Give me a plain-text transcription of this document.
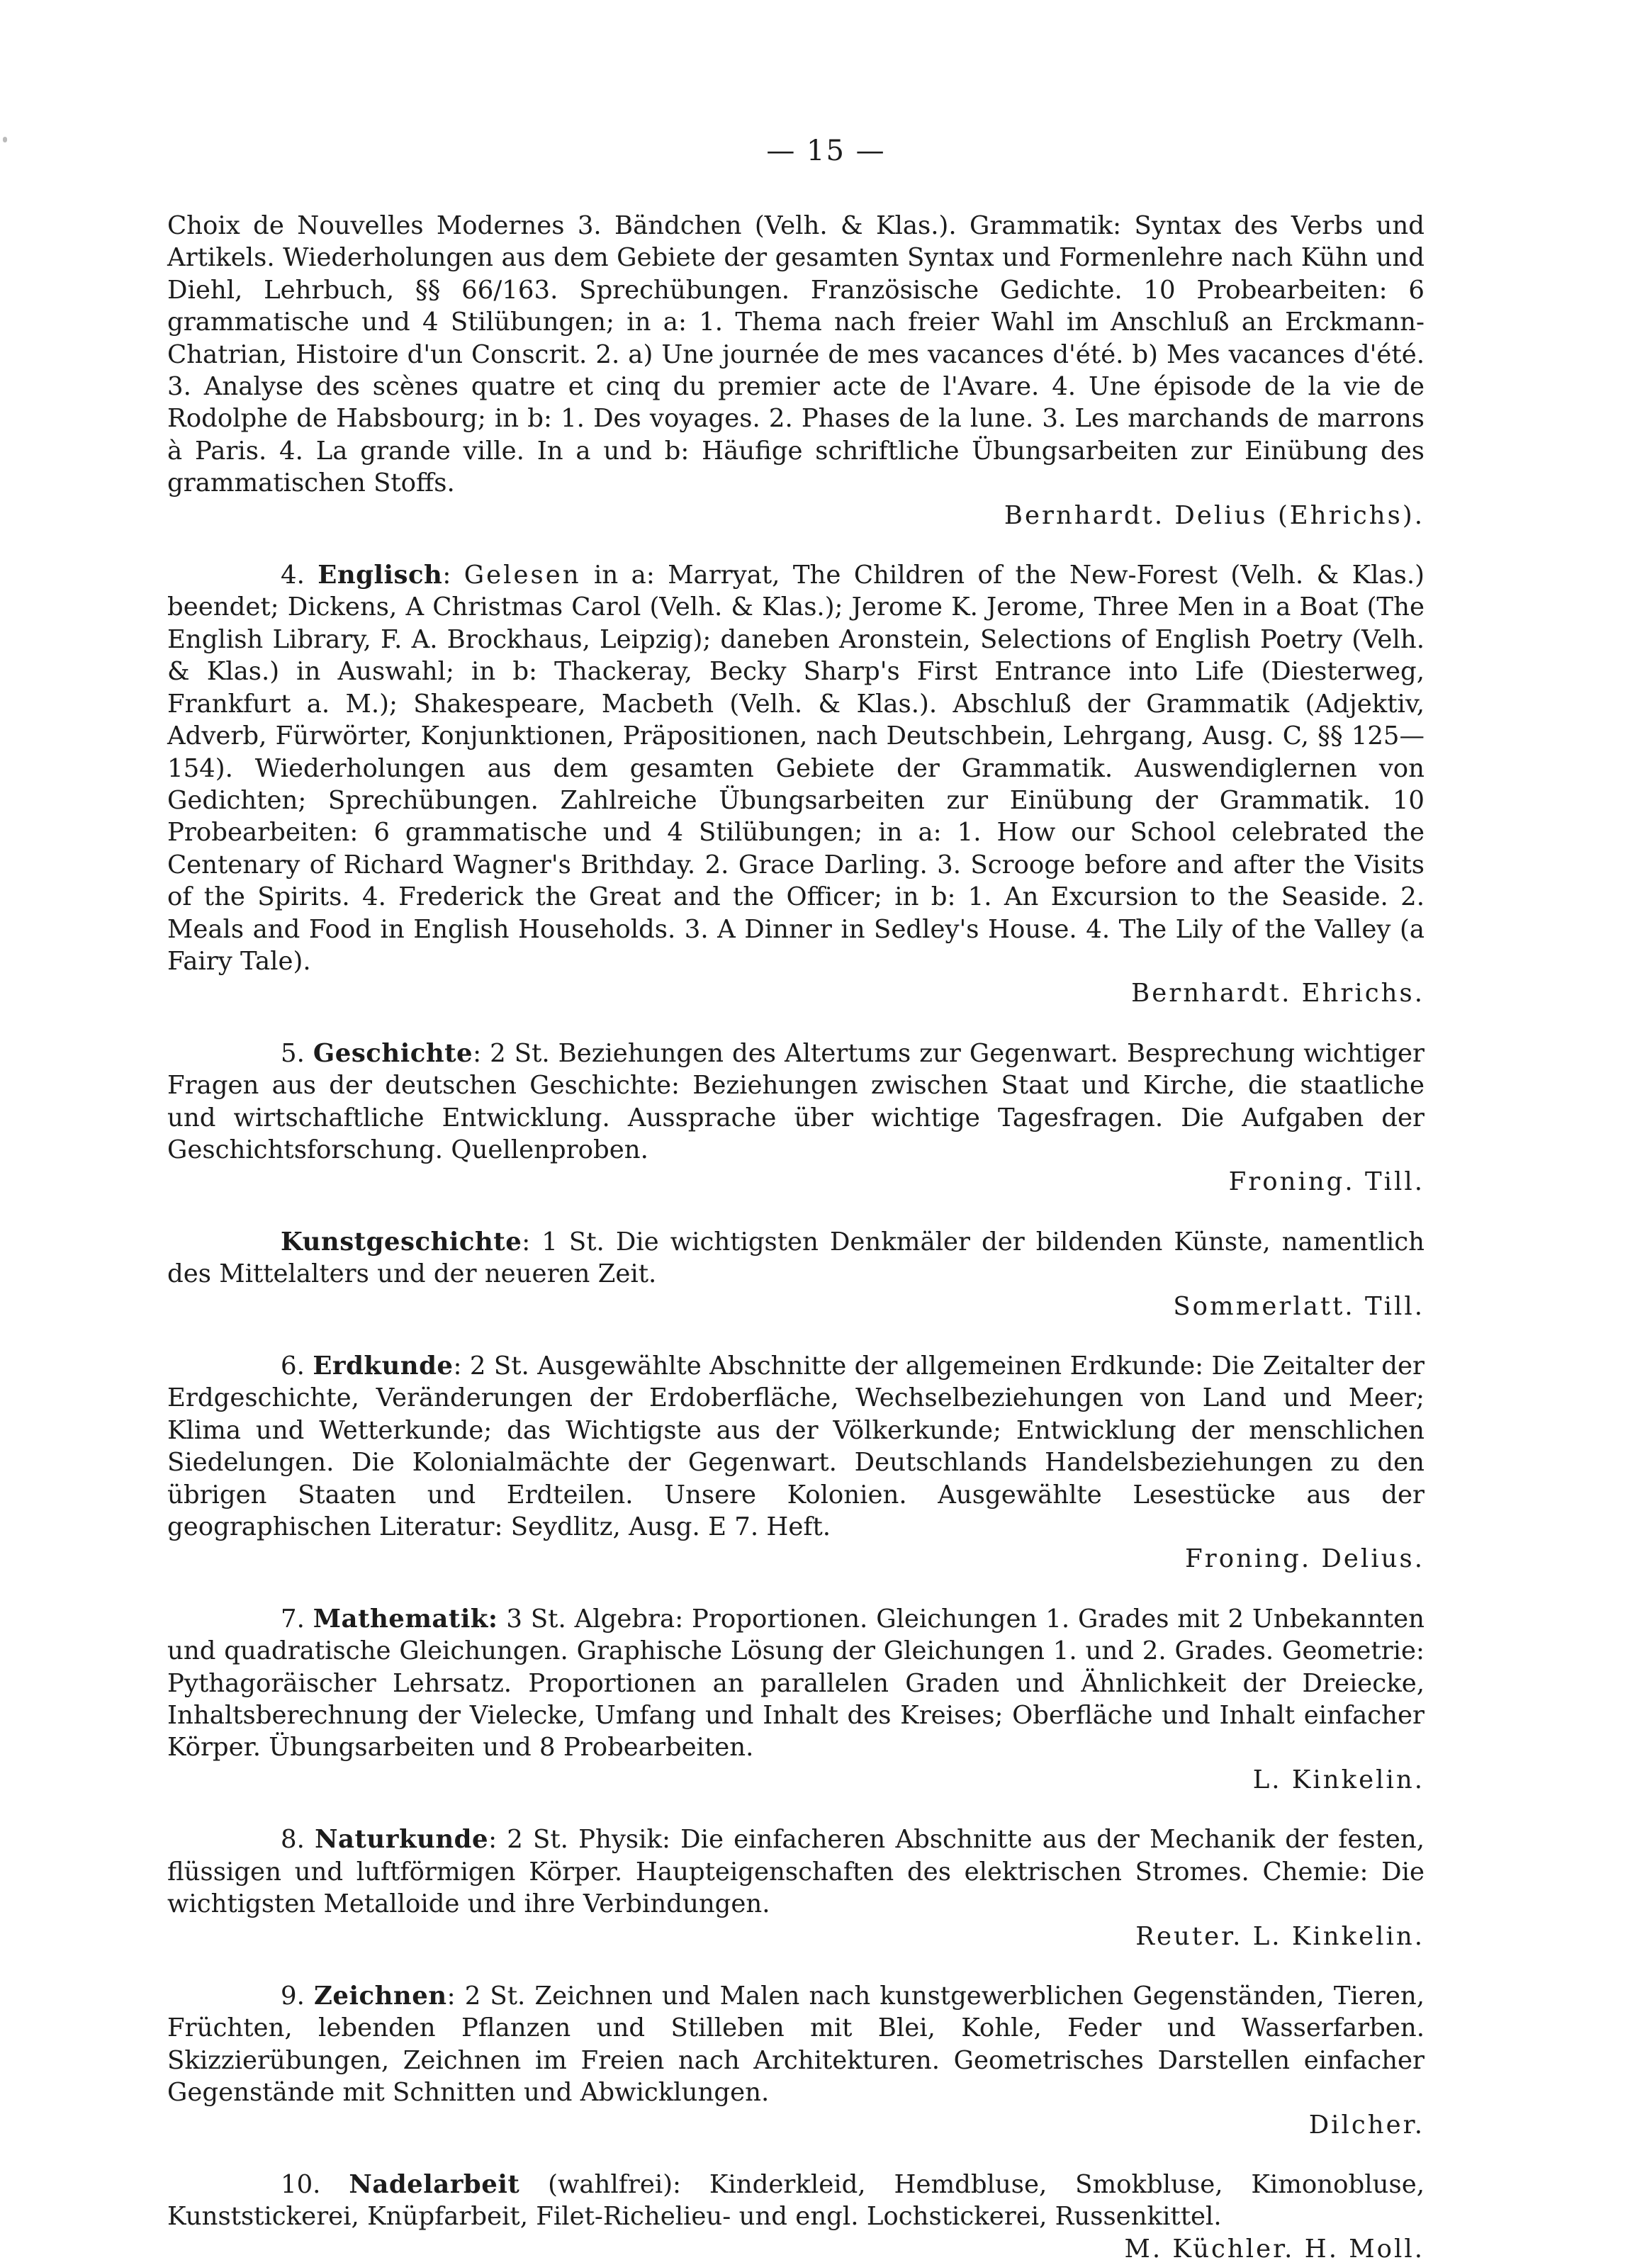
— 15 —

Choix de Nouvelles Modernes 3. Bändchen (Velh. & Klas.). Grammatik: Syntax des Verbs und Artikels. Wiederholungen aus dem Gebiete der gesamten Syntax und Formenlehre nach Kühn und Diehl, Lehrbuch, §§ 66/163. Sprechübungen. Französische Gedichte. 10 Probearbeiten: 6 grammatische und 4 Stilübungen; in a: 1. Thema nach freier Wahl im Anschluß an Erckmann-Chatrian, Histoire d'un Conscrit. 2. a) Une journée de mes vacances d'été. b) Mes vacances d'été. 3. Analyse des scènes quatre et cinq du premier acte de l'Avare. 4. Une épisode de la vie de Rodolphe de Habsbourg; in b: 1. Des voyages. 2. Phases de la lune. 3. Les marchands de marrons à Paris. 4. La grande ville. In a und b: Häufige schriftliche Übungsarbeiten zur Einübung des grammatischen Stoffs.

Bernhardt. Delius (Ehrichs).

4. Englisch: Gelesen in a: Marryat, The Children of the New-Forest (Velh. & Klas.) beendet; Dickens, A Christmas Carol (Velh. & Klas.); Jerome K. Jerome, Three Men in a Boat (The English Library, F. A. Brockhaus, Leipzig); daneben Aronstein, Selections of English Poetry (Velh. & Klas.) in Auswahl; in b: Thackeray, Becky Sharp's First Entrance into Life (Diesterweg, Frankfurt a. M.); Shakespeare, Macbeth (Velh. & Klas.). Abschluß der Grammatik (Adjektiv, Adverb, Fürwörter, Konjunktionen, Präpositionen, nach Deutschbein, Lehrgang, Ausg. C, §§ 125—154). Wiederholungen aus dem gesamten Gebiete der Grammatik. Auswendiglernen von Gedichten; Sprechübungen. Zahlreiche Übungsarbeiten zur Einübung der Grammatik. 10 Probearbeiten: 6 grammatische und 4 Stilübungen; in a: 1. How our School celebrated the Centenary of Richard Wagner's Brithday. 2. Grace Darling. 3. Scrooge before and after the Visits of the Spirits. 4. Frederick the Great and the Officer; in b: 1. An Excursion to the Seaside. 2. Meals and Food in English Households. 3. A Dinner in Sedley's House. 4. The Lily of the Valley (a Fairy Tale).

Bernhardt. Ehrichs.

5. Geschichte: 2 St. Beziehungen des Altertums zur Gegenwart. Besprechung wichtiger Fragen aus der deutschen Geschichte: Beziehungen zwischen Staat und Kirche, die staatliche und wirtschaftliche Entwicklung. Aussprache über wichtige Tagesfragen. Die Aufgaben der Geschichtsforschung. Quellenproben.

Froning. Till.

Kunstgeschichte: 1 St. Die wichtigsten Denkmäler der bildenden Künste, namentlich des Mittelalters und der neueren Zeit.

Sommerlatt. Till.

6. Erdkunde: 2 St. Ausgewählte Abschnitte der allgemeinen Erdkunde: Die Zeitalter der Erdgeschichte, Veränderungen der Erdoberfläche, Wechselbeziehungen von Land und Meer; Klima und Wetterkunde; das Wichtigste aus der Völkerkunde; Entwicklung der menschlichen Siedelungen. Die Kolonialmächte der Gegenwart. Deutschlands Handelsbeziehungen zu den übrigen Staaten und Erdteilen. Unsere Kolonien. Ausgewählte Lesestücke aus der geographischen Literatur: Seydlitz, Ausg. E 7. Heft.

Froning. Delius.

7. Mathematik: 3 St. Algebra: Proportionen. Gleichungen 1. Grades mit 2 Unbekannten und quadratische Gleichungen. Graphische Lösung der Gleichungen 1. und 2. Grades. Geometrie: Pythagoräischer Lehrsatz. Proportionen an parallelen Graden und Ähnlichkeit der Dreiecke, Inhaltsberechnung der Vielecke, Umfang und Inhalt des Kreises; Oberfläche und Inhalt einfacher Körper. Übungsarbeiten und 8 Probearbeiten.

L. Kinkelin.

8. Naturkunde: 2 St. Physik: Die einfacheren Abschnitte aus der Mechanik der festen, flüssigen und luftförmigen Körper. Haupteigenschaften des elektrischen Stromes. Chemie: Die wichtigsten Metalloide und ihre Verbindungen.

Reuter. L. Kinkelin.

9. Zeichnen: 2 St. Zeichnen und Malen nach kunstgewerblichen Gegenständen, Tieren, Früchten, lebenden Pflanzen und Stilleben mit Blei, Kohle, Feder und Wasserfarben. Skizzierübungen, Zeichnen im Freien nach Architekturen. Geometrisches Darstellen einfacher Gegenstände mit Schnitten und Abwicklungen.

Dilcher.

10. Nadelarbeit (wahlfrei): Kinderkleid, Hemdbluse, Smokbluse, Kimonobluse, Kunststickerei, Knüpfarbeit, Filet-Richelieu- und engl. Lochstickerei, Russenkittel.

M. Küchler. H. Moll.
